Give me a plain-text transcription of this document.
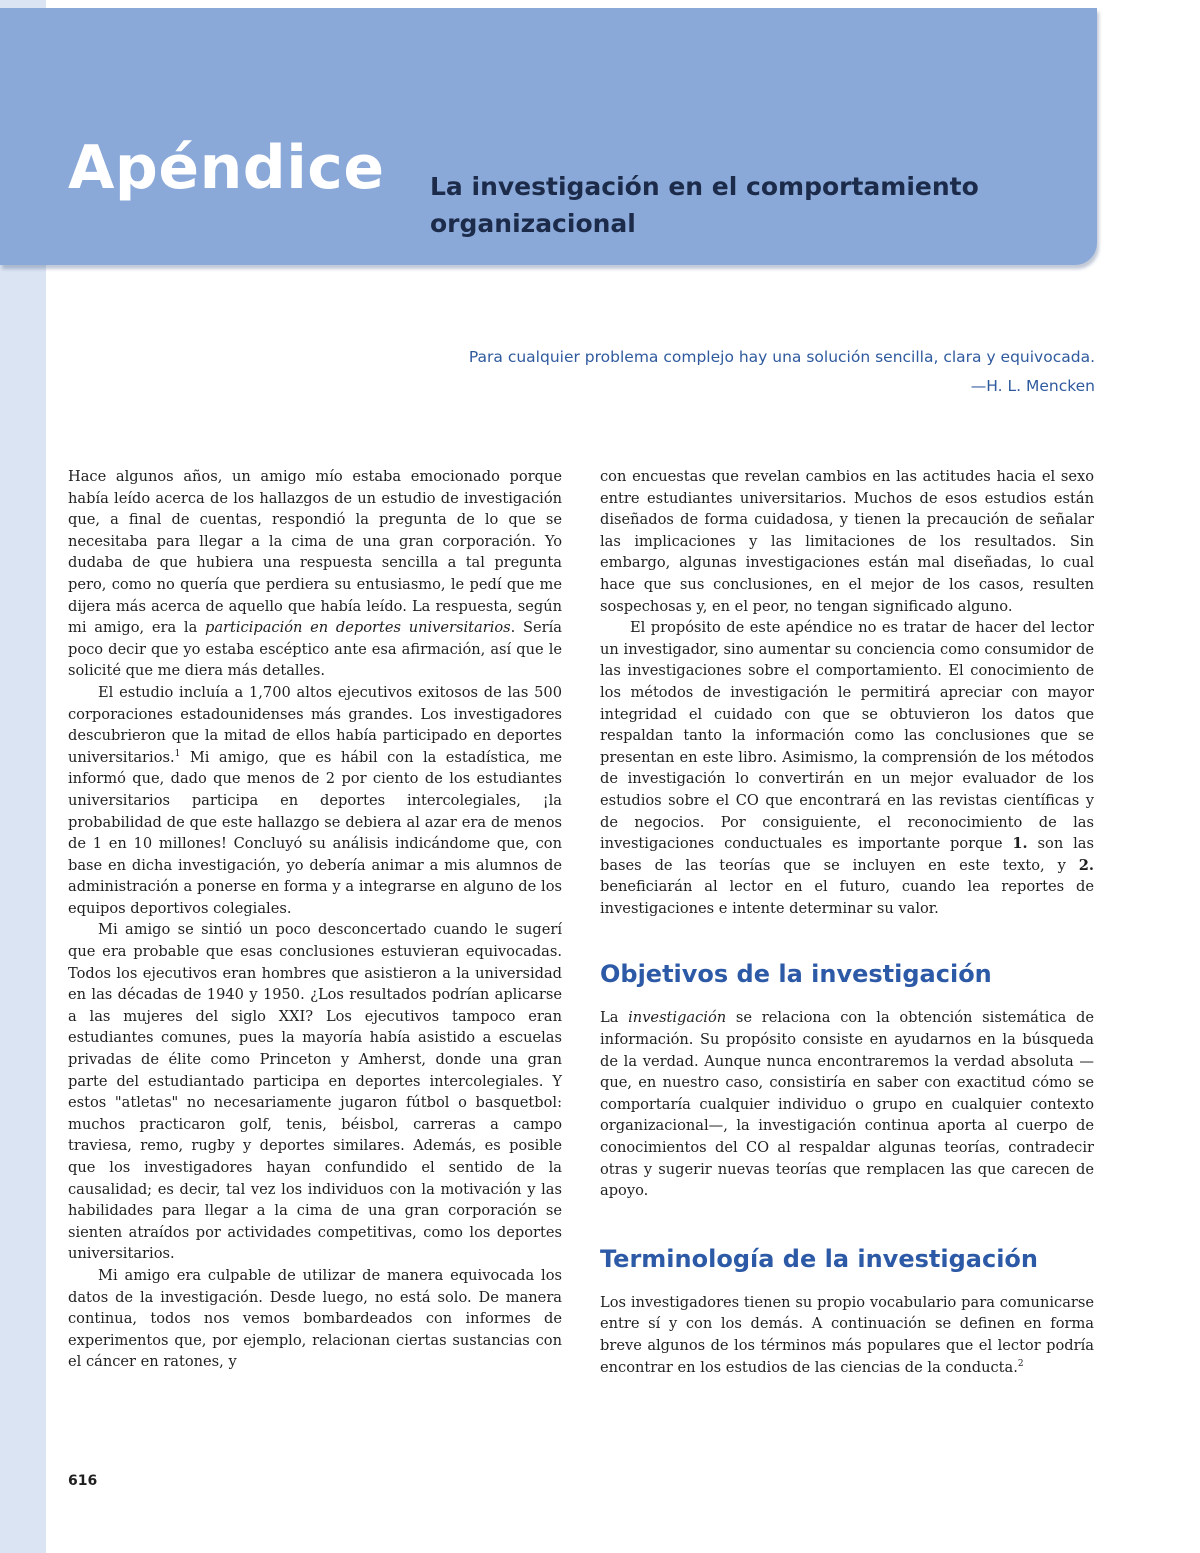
Apéndice La investigación en el comportamiento
organizacional
Para cualquier problema complejo hay una solución sencilla, clara y equivocada.
—H. L. Mencken

Hace algunos años, un amigo mío estaba emocionado porque había leído acerca de los hallazgos de un estudio de investigación que, a final de cuentas, respondió la pregunta de lo que se necesitaba para llegar a la cima de una gran corporación. Yo dudaba de que hubiera una respuesta sencilla a tal pregunta pero, como no quería que perdiera su entusiasmo, le pedí que me dijera más acerca de aquello que había leído. La respuesta, según mi amigo, era la participación en deportes universitarios. Sería poco decir que yo estaba escéptico ante esa afirmación, así que le solicité que me diera más detalles.

El estudio incluía a 1,700 altos ejecutivos exitosos de las 500 corporaciones estadounidenses más grandes. Los investigadores descubrieron que la mitad de ellos había participado en deportes universitarios.$^1$ Mi amigo, que es hábil con la estadística, me informó que, dado que menos de 2 por ciento de los estudiantes universitarios participa en deportes intercolegiales, ¡la probabilidad de que este hallazgo se debiera al azar era de menos de 1 en 10 millones! Concluyó su análisis indicándome que, con base en dicha investigación, yo debería animar a mis alumnos de administración a ponerse en forma y a integrarse en alguno de los equipos deportivos colegiales.

Mi amigo se sintió un poco desconcertado cuando le sugerí que era probable que esas conclusiones estuvieran equivocadas. Todos los ejecutivos eran hombres que asistieron a la universidad en las décadas de 1940 y 1950. ¿Los resultados podrían aplicarse a las mujeres del siglo XXI? Los ejecutivos tampoco eran estudiantes comunes, pues la mayoría había asistido a escuelas privadas de élite como Princeton y Amherst, donde una gran parte del estudiantado participa en deportes intercolegiales. Y estos "atletas" no necesariamente jugaron fútbol o basquetbol: muchos practicaron golf, tenis, béisbol, carreras a campo traviesa, remo, rugby y deportes similares. Además, es posible que los investigadores hayan confundido el sentido de la causalidad; es decir, tal vez los individuos con la motivación y las habilidades para llegar a la cima de una gran corporación se sienten atraídos por actividades competitivas, como los deportes universitarios.

Mi amigo era culpable de utilizar de manera equivocada los datos de la investigación. Desde luego, no está solo. De manera continua, todos nos vemos bombardeados con informes de experimentos que, por ejemplo, relacionan ciertas sustancias con el cáncer en ratones, y

con encuestas que revelan cambios en las actitudes hacia el sexo entre estudiantes universitarios. Muchos de esos estudios están diseñados de forma cuidadosa, y tienen la precaución de señalar las implicaciones y las limitaciones de los resultados. Sin embargo, algunas investigaciones están mal diseñadas, lo cual hace que sus conclusiones, en el mejor de los casos, resulten sospechosas y, en el peor, no tengan significado alguno.

El propósito de este apéndice no es tratar de hacer del lector un investigador, sino aumentar su conciencia como consumidor de las investigaciones sobre el comportamiento. El conocimiento de los métodos de investigación le permitirá apreciar con mayor integridad el cuidado con que se obtuvieron los datos que respaldan tanto la información como las conclusiones que se presentan en este libro. Asimismo, la comprensión de los métodos de investigación lo convertirán en un mejor evaluador de los estudios sobre el CO que encontrará en las revistas científicas y de negocios. Por consiguiente, el reconocimiento de las investigaciones conductuales es importante porque 1. son las bases de las teorías que se incluyen en este texto, y 2. beneficiarán al lector en el futuro, cuando lea reportes de investigaciones e intente determinar su valor.

Objetivos de la investigación

La investigación se relaciona con la obtención sistemática de información. Su propósito consiste en ayudarnos en la búsqueda de la verdad. Aunque nunca encontraremos la verdad absoluta —que, en nuestro caso, consistiría en saber con exactitud cómo se comportaría cualquier individuo o grupo en cualquier contexto organizacional—, la investigación continua aporta al cuerpo de conocimientos del CO al respaldar algunas teorías, contradecir otras y sugerir nuevas teorías que remplacen las que carecen de apoyo.

Terminología de la investigación

Los investigadores tienen su propio vocabulario para comunicarse entre sí y con los demás. A continuación se definen en forma breve algunos de los términos más populares que el lector podría encontrar en los estudios de las ciencias de la conducta.$^2$

616
